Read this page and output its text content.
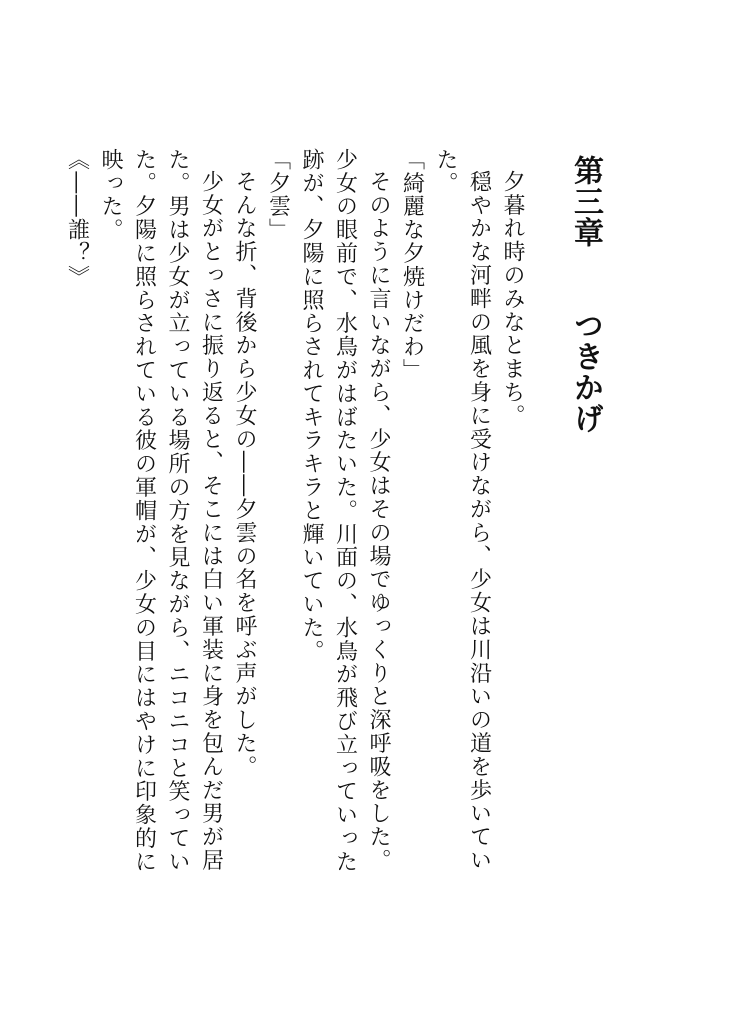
第三章　　つきかげ

夕暮れ時のみなとまち。

穏やかな河畔の風を身に受けながら、少女は川沿いの道を歩いていた。

「綺麗な夕焼けだわ」

そのように言いながら、少女はその場でゆっくりと深呼吸をした。少女の眼前で、水鳥がはばたいた。川面の、水鳥が飛び立っていった跡が、夕陽に照らされてキラキラと輝いていた。

「夕雲」

そんな折、背後から少女の――夕雲の名を呼ぶ声がした。

少女がとっさに振り返ると、そこには白い軍装に身を包んだ男が居た。男は少女が立っている場所の方を見ながら、ニコニコと笑っていた。夕陽に照らされている彼の軍帽が、少女の目にはやけに印象的に映った。

《――誰？》
